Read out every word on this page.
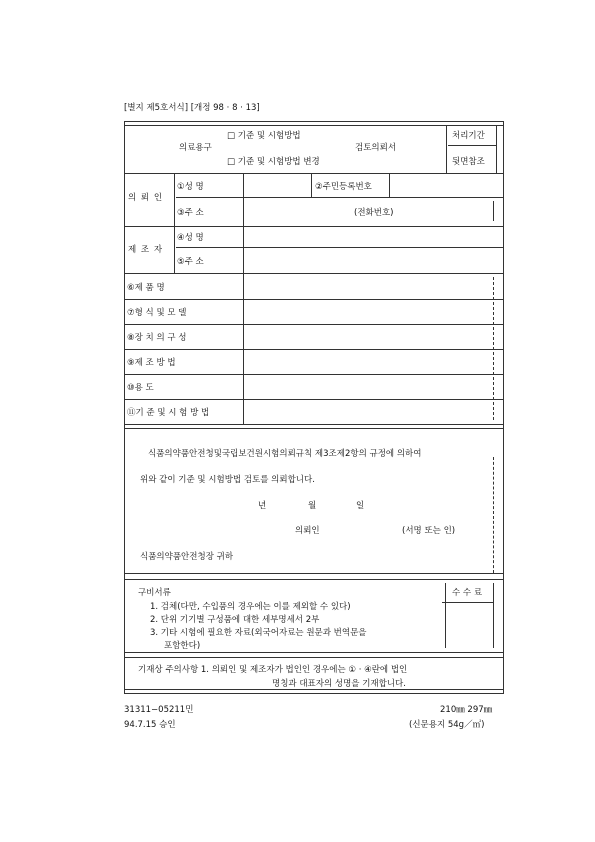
[별지 제5호서식] [개정 98 · 8 · 13]
의료용구
□ 기준 및 시험방법
□ 기준 및 시험방법 변경
검토의뢰서
처리기간
뒷면참조
의 뢰 인
①성 명	②주민등록번호
③주 소	(전화번호)
제 조 자
④성 명
⑤주 소
⑥제 품 명
⑦형 식 및 모 델
⑧장 치 의 구 성
⑨제 조 방 법
⑩용 도
⑪기 준 및 시 험 방 법
식품의약품안전청및국립보건원시험의뢰규칙 제3조제2항의 규정에 의하여
위와 같이 기준 및 시험방법 검토를 의뢰합니다.
년	월	일
의뢰인	(서명 또는 인)
식품의약품안전청장 귀하
구비서류
1. 검체(다만, 수입품의 경우에는 이를 제외할 수 있다)
2. 단위 기기별 구성품에 대한 세부명세서 2부
3. 기타 시험에 필요한 자료(외국어자료는 원문과 번역문을
포함한다)
수 수 료
기재상 주의사항 1. 의뢰인 및 제조자가 법인인 경우에는 ① · ④란에 법인
명칭과 대표자의 성명을 기재합니다.
31311−05211민	210㎜ 297㎜
94.7.15 승인	(신문용지 54g／㎡)
